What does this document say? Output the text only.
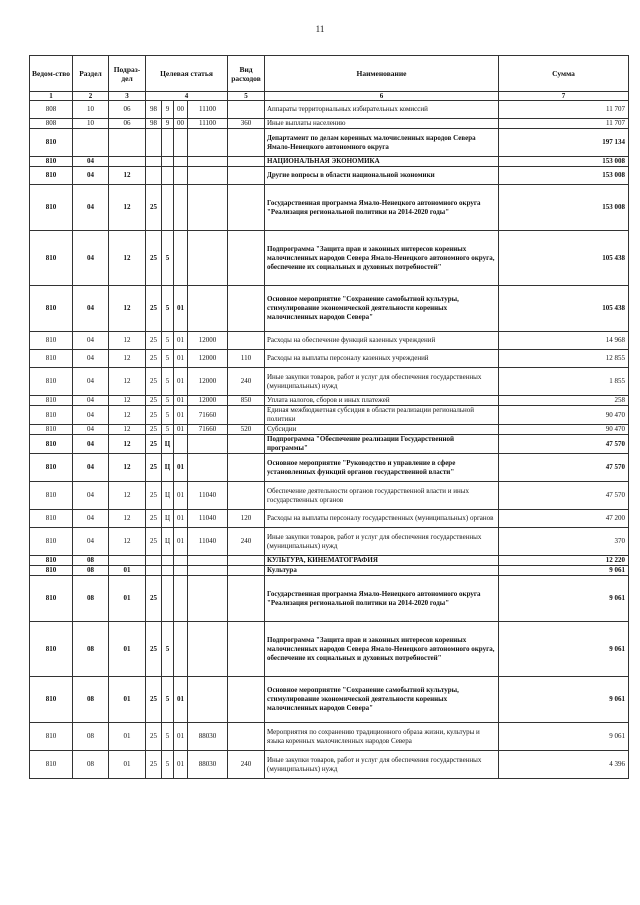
11
Ведом-ство	Раздел	Подраз-дел	Целевая статья				Вид расходов	Наименование	Сумма
1	2	3	4				5	6	7
808	10	06	98	9	00	11100		Аппараты территориальных избирательных комиссий	11 707
808	10	06	98	9	00	11100	360	Иные выплаты населению	11 707
810								Департамент по делам коренных малочисленных народов Севера Ямало-Ненецкого автономного округа	197 134
810	04							НАЦИОНАЛЬНАЯ ЭКОНОМИКА	153 008
810	04	12						Другие вопросы в области национальной экономики	153 008
810	04	12	25					Государственная программа Ямало-Ненецкого автономного округа "Реализация региональной политики на 2014-2020 годы"	153 008
810	04	12	25	5				Подпрограмма "Защита прав и законных интересов коренных малочисленных народов Севера Ямало-Ненецкого автономного округа, обеспечение их социальных и духовных потребностей"	105 438
810	04	12	25	5	01			Основное мероприятие "Сохранение самобытной культуры, стимулирование экономической деятельности коренных малочисленных народов Севера"	105 438
810	04	12	25	5	01	12000		Расходы на обеспечение функций казенных учреждений	14 968
810	04	12	25	5	01	12000	110	Расходы на выплаты персоналу казенных учреждений	12 855
810	04	12	25	5	01	12000	240	Иные закупки товаров, работ и услуг для обеспечения государственных (муниципальных) нужд	1 855
810	04	12	25	5	01	12000	850	Уплата налогов, сборов и иных платежей	258
810	04	12	25	5	01	71660		Единая межбюджетная субсидия в области реализации региональной политики	90 470
810	04	12	25	5	01	71660	520	Субсидии	90 470
810	04	12	25	Ц				Подпрограмма "Обеспечение реализации Государственной программы"	47 570
810	04	12	25	Ц	01			Основное мероприятие "Руководство и управление в сфере установленных функций органов государственной власти"	47 570
810	04	12	25	Ц	01	11040		Обеспечение деятельности органов государственной власти и иных государственных органов	47 570
810	04	12	25	Ц	01	11040	120	Расходы на выплаты персоналу государственных (муниципальных) органов	47 200
810	04	12	25	Ц	01	11040	240	Иные закупки товаров, работ и услуг для обеспечения государственных (муниципальных) нужд	370
810	08							КУЛЬТУРА, КИНЕМАТОГРАФИЯ	12 220
810	08	01						Культура	9 061
810	08	01	25					Государственная программа Ямало-Ненецкого автономного округа "Реализация региональной политики на 2014-2020 годы"	9 061
810	08	01	25	5				Подпрограмма "Защита прав и законных интересов коренных малочисленных народов Севера Ямало-Ненецкого автономного округа, обеспечение их социальных и духовных потребностей"	9 061
810	08	01	25	5	01			Основное мероприятие "Сохранение самобытной культуры, стимулирование экономической деятельности коренных малочисленных народов Севера"	9 061
810	08	01	25	5	01	88030		Мероприятия по сохранению традиционного образа жизни, культуры и языка коренных малочисленных народов Севера	9 061
810	08	01	25	5	01	88030	240	Иные закупки товаров, работ и услуг для обеспечения государственных (муниципальных) нужд	4 396
